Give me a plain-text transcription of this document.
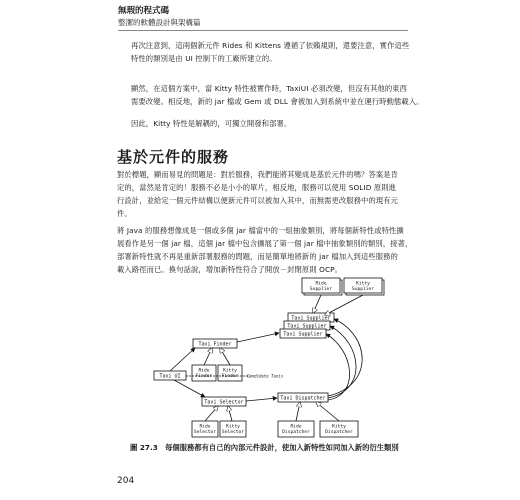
無瑕的程式碼
整潔的軟體設計與架構篇
再次注意到，這兩個新元件 Rides 和 Kittens 遵循了依賴規則，還要注意，實作這些
特性的類別是由 UI 控制下的工廠所建立的。
顯然，在這個方案中，當 Kitty 特性被實作時，TaxiUI 必須改變，但沒有其他的東西
需要改變。相反地，新的 jar 檔或 Gem 或 DLL 會被加入到系統中並在運行時動態載入。
因此，Kitty 特性是解耦的，可獨立開發和部署。
基於元件的服務
對於標題，顯而易見的問題是：對於服務，我們能將其變成是基於元件的嗎？答案是肯
定的，當然是肯定的！服務不必是小小的單片，相反地，服務可以使用 SOLID 原則進
行設計，並給定一個元件結構以便新元件可以被加入其中，而無需更改服務中的現有元
件。
將 Java 的服務想像成是一個或多個 jar 檔當中的一組抽象類別，將每個新特性或特性擴
展看作是另一個 jar 檔，這個 jar 檔中包含擴展了第一個 jar 檔中抽象類別的類別，接著，
部署新特性就不再是重新部署服務的問題，而是簡單地將新的 jar 檔加入到這些服務的
載入路徑而已。換句話說，增加新特性符合了開放－封閉原則 OCP。
Ride Supplier
Kitty Supplier
Taxi Supplier
Taxi Supplier
Taxi Supplier
Taxi Finder
Ride Finder
Kitty Finder Candidate Taxis
Taxi UI
Taxi Selector
Taxi Dispatcher
Ride Selector
Kitty Selector
Ride Dispatcher
Kitty Dispatcher
圖 27.3　每個服務都有自己的內部元件設計，使加入新特性如同加入新的衍生類別
204
